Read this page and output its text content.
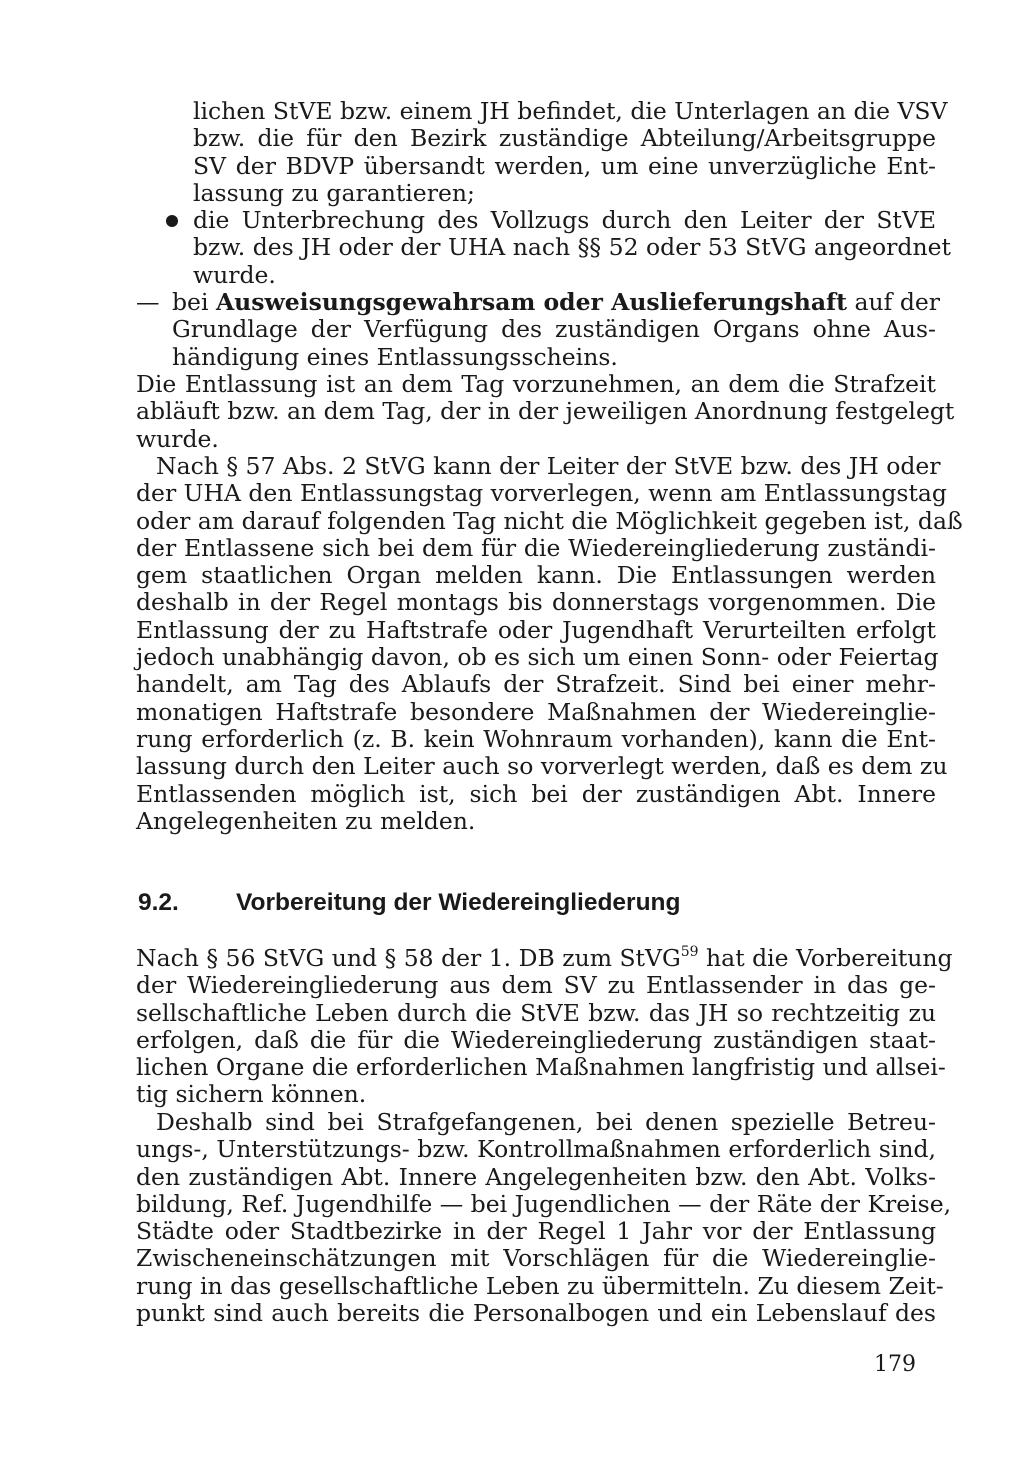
lichen StVE bzw. einem JH befindet, die Unterlagen an die VSV
bzw. die für den Bezirk zuständige Abteilung/Arbeitsgruppe
SV der BDVP übersandt werden, um eine unverzügliche Ent-
lassung zu garantieren;
die Unterbrechung des Vollzugs durch den Leiter der StVE
bzw. des JH oder der UHA nach §§ 52 oder 53 StVG angeordnet
wurde.
— bei Ausweisungsgewahrsam oder Auslieferungshaft auf der
Grundlage der Verfügung des zuständigen Organs ohne Aus-
händigung eines Entlassungsscheins.
Die Entlassung ist an dem Tag vorzunehmen, an dem die Strafzeit
abläuft bzw. an dem Tag, der in der jeweiligen Anordnung festgelegt
wurde.
Nach § 57 Abs. 2 StVG kann der Leiter der StVE bzw. des JH oder
der UHA den Entlassungstag vorverlegen, wenn am Entlassungstag
oder am darauf folgenden Tag nicht die Möglichkeit gegeben ist, daß
der Entlassene sich bei dem für die Wiedereingliederung zuständi-
gem staatlichen Organ melden kann. Die Entlassungen werden
deshalb in der Regel montags bis donnerstags vorgenommen. Die
Entlassung der zu Haftstrafe oder Jugendhaft Verurteilten erfolgt
jedoch unabhängig davon, ob es sich um einen Sonn- oder Feiertag
handelt, am Tag des Ablaufs der Strafzeit. Sind bei einer mehr-
monatigen Haftstrafe besondere Maßnahmen der Wiedereinglie-
rung erforderlich (z. B. kein Wohnraum vorhanden), kann die Ent-
lassung durch den Leiter auch so vorverlegt werden, daß es dem zu
Entlassenden möglich ist, sich bei der zuständigen Abt. Innere
Angelegenheiten zu melden.
9.2. Vorbereitung der Wiedereingliederung
Nach § 56 StVG und § 58 der 1. DB zum StVG$^{59}$ hat die Vorbereitung
der Wiedereingliederung aus dem SV zu Entlassender in das ge-
sellschaftliche Leben durch die StVE bzw. das JH so rechtzeitig zu
erfolgen, daß die für die Wiedereingliederung zuständigen staat-
lichen Organe die erforderlichen Maßnahmen langfristig und allsei-
tig sichern können.
Deshalb sind bei Strafgefangenen, bei denen spezielle Betreu-
ungs-, Unterstützungs- bzw. Kontrollmaßnahmen erforderlich sind,
den zuständigen Abt. Innere Angelegenheiten bzw. den Abt. Volks-
bildung, Ref. Jugendhilfe — bei Jugendlichen — der Räte der Kreise,
Städte oder Stadtbezirke in der Regel 1 Jahr vor der Entlassung
Zwischeneinschätzungen mit Vorschlägen für die Wiedereinglie-
rung in das gesellschaftliche Leben zu übermitteln. Zu diesem Zeit-
punkt sind auch bereits die Personalbogen und ein Lebenslauf des
179
